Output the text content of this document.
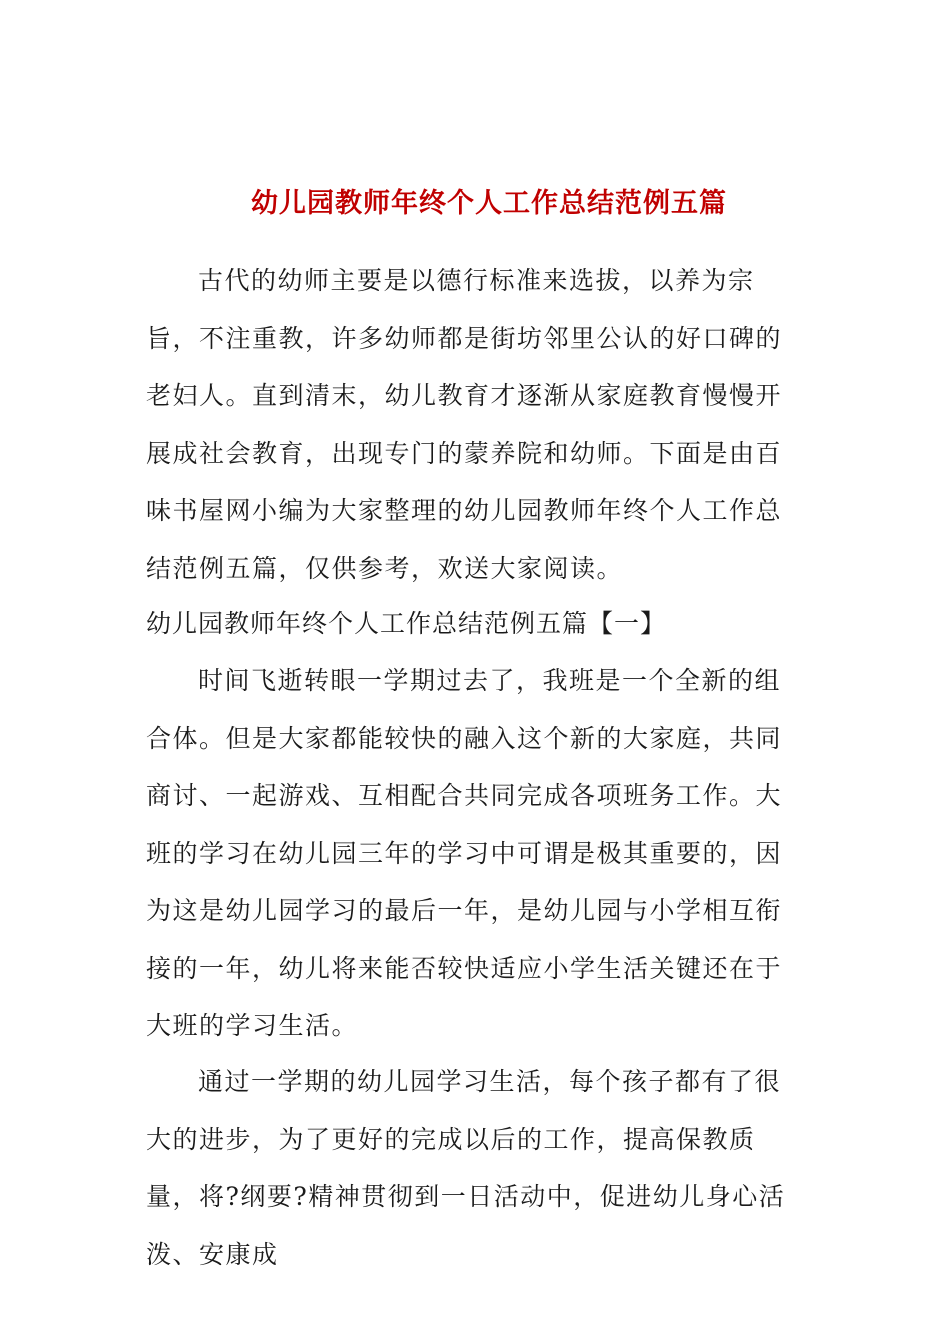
幼儿园教师年终个人工作总结范例五篇

古代的幼师主要是以德行标准来选拔，以养为宗旨，不注重教，许多幼师都是街坊邻里公认的好口碑的老妇人。直到清末，幼儿教育才逐渐从家庭教育慢慢开展成社会教育，出现专门的蒙养院和幼师。下面是由百味书屋网小编为大家整理的幼儿园教师年终个人工作总结范例五篇，仅供参考，欢送大家阅读。

幼儿园教师年终个人工作总结范例五篇【一】

时间飞逝转眼一学期过去了，我班是一个全新的组合体。但是大家都能较快的融入这个新的大家庭，共同商讨、一起游戏、互相配合共同完成各项班务工作。大班的学习在幼儿园三年的学习中可谓是极其重要的，因为这是幼儿园学习的最后一年，是幼儿园与小学相互衔接的一年，幼儿将来能否较快适应小学生活关键还在于大班的学习生活。

通过一学期的幼儿园学习生活，每个孩子都有了很大的进步，为了更好的完成以后的工作，提高保教质量，将?纲要?精神贯彻到一日活动中，促进幼儿身心活泼、安康成
